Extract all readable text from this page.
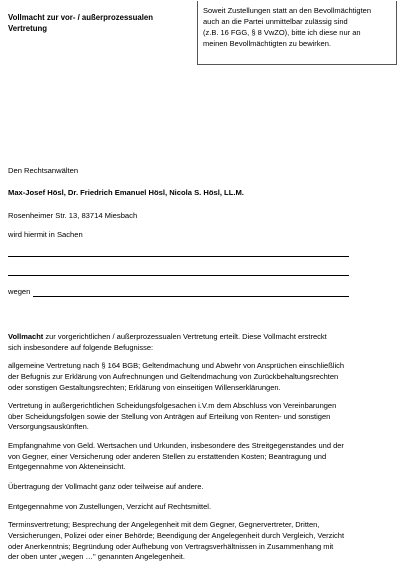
Vollmacht zur vor- / außerprozessualen
Vertretung
Soweit Zustellungen statt an den Bevollmächtigten
auch an die Partei unmittelbar zulässig sind
(z.B. 16 FGG, § 8 VwZO), bitte ich diese nur an
meinen Bevollmächtigten zu bewirken.
Den Rechtsanwälten
Max-Josef Hösl, Dr. Friedrich Emanuel Hösl, Nicola S. Hösl, LL.M.
Rosenheimer Str. 13, 83714 Miesbach
wird hiermit in Sachen
wegen

Vollmacht zur vorgerichtlichen / außerprozessualen Vertretung erteilt. Diese Vollmacht erstreckt
sich insbesondere auf folgende Befugnisse:

allgemeine Vertretung nach § 164 BGB; Geltendmachung und Abwehr von Ansprüchen einschließlich
der Befugnis zur Erklärung von Aufrechnungen und Geltendmachung von Zurückbehaltungsrechten
oder sonstigen Gestaltungsrechten; Erklärung von einseitigen Willenserklärungen.

Vertretung in außergerichtlichen Scheidungsfolgesachen i.V.m dem Abschluss von Vereinbarungen
über Scheidungsfolgen sowie der Stellung von Anträgen auf Erteilung von Renten- und sonstigen
Versorgungsauskünften.

Empfangnahme von Geld. Wertsachen und Urkunden, insbesondere des Streitgegenstandes und der
von Gegner, einer Versicherung oder anderen Stellen zu erstattenden Kosten; Beantragung und
Entgegennahme von Akteneinsicht.

Übertragung der Vollmacht ganz oder teilweise auf andere.

Entgegennahme von Zustellungen, Verzicht auf Rechtsmittel.

Terminsvertretung; Besprechung der Angelegenheit mit dem Gegner, Gegnervertreter, Dritten,
Versicherungen, Polizei oder einer Behörde; Beendigung der Angelegenheit durch Vergleich, Verzicht
oder Anerkenntnis; Begründung oder Aufhebung von Vertragsverhältnissen in Zusammenhang mit
der oben unter „wegen …" genannten Angelegenheit.
